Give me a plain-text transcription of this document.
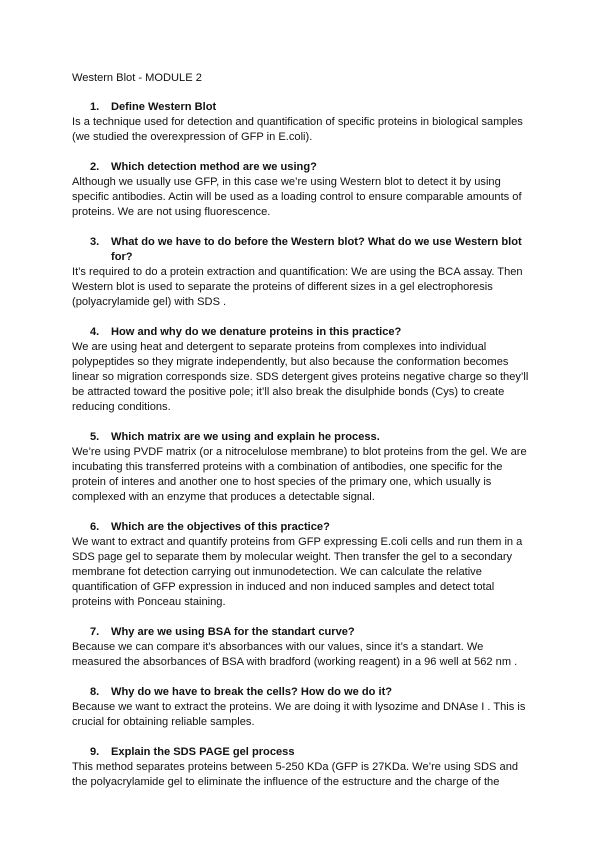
Western Blot - MODULE 2
1.	Define Western Blot

Is a technique used for detection and quantification of specific proteins in biological samples (we studied the overexpression of GFP in E.coli).

2.	Which detection method are we using?

Although we usually use GFP, in this case we’re using Western blot to detect it by using specific antibodies. Actin will be used as a loading control to ensure comparable amounts of proteins. We are not using fluorescence.

3.	What do we have to do before the Western blot? What do we use Western blot for?

It’s required to do a protein extraction and quantification: We are using the BCA assay. Then Western blot is used to separate the proteins of different sizes in a gel electrophoresis (polyacrylamide gel) with SDS .

4.	How and why do we denature proteins in this practice?

We are using heat and detergent to separate proteins from complexes into individual polypeptides so they migrate independently, but also because the conformation becomes linear so migration corresponds size. SDS detergent gives proteins negative charge so they’ll be attracted toward the positive pole; it’ll also break the disulphide bonds (Cys) to create reducing conditions.

5.	Which matrix are we using and explain he process.

We’re using PVDF matrix (or a nitrocelulose membrane) to blot proteins from the gel. We are incubating this transferred proteins with a combination of antibodies, one specific for the protein of interes and another one to host species of the primary one, which usually is complexed with an enzyme that produces a detectable signal.

6.	Which are the objectives of this practice?

We want to extract and quantify proteins from GFP expressing E.coli cells and run them in a SDS page gel to separate them by molecular weight. Then transfer the gel to a secondary membrane fot detection carrying out inmunodetection. We can calculate the relative quantification of GFP expression in induced and non induced samples and detect total proteins with Ponceau staining.

7.	Why are we using BSA for the standart curve?

Because we can compare it’s absorbances with our values, since it’s a standart. We measured the absorbances of BSA with bradford (working reagent) in a 96 well at 562 nm .

8.	Why do we have to break the cells? How do we do it?

Because we want to extract the proteins. We are doing it with lysozime and DNAse I . This is crucial for obtaining reliable samples.

9.	Explain the SDS PAGE gel process

This method separates proteins between 5-250 KDa (GFP is 27KDa. We’re using SDS and the polyacrylamide gel to eliminate the influence of the estructure and the charge of the
